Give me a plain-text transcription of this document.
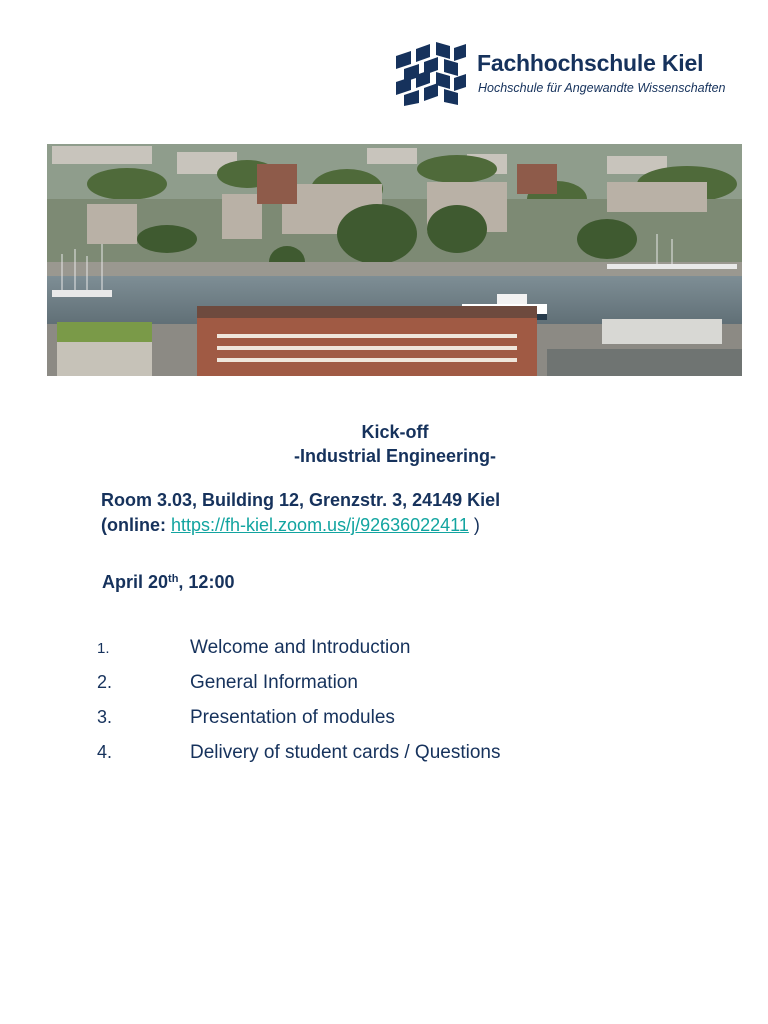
Fachhochschule Kiel
Hochschule für Angewandte Wissenschaften
Kick-off
-Industrial Engineering-
Room 3.03, Building 12, Grenzstr. 3, 24149 Kiel
(online: https://fh-kiel.zoom.us/j/92636022411 )
April 20th, 12:00
1.	Welcome and Introduction
2.	General Information
3.	Presentation of modules
4.	Delivery of student cards / Questions
